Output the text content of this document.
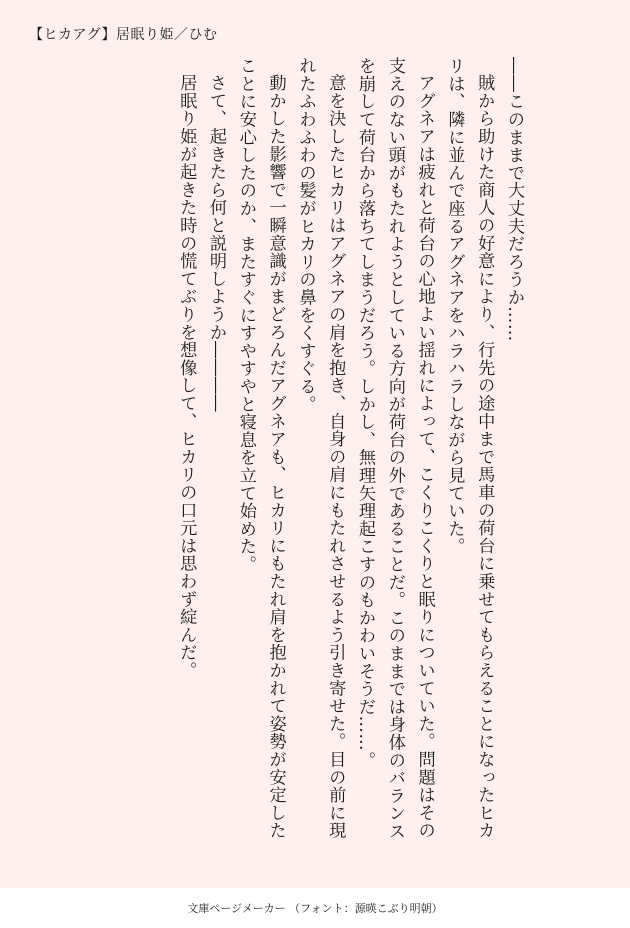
【ヒカアグ】居眠り姫／ひむ

――このままで大丈夫だろうか……

賊から助けた商人の好意により、行先の途中まで馬車の荷台に乗せてもらえることになったヒカリは、隣に並んで座るアグネアをハラハラしながら見ていた。

アグネアは疲れと荷台の心地よい揺れによって、こくりこくりと眠りについていた。問題はその支えのない頭がもたれようとしている方向が荷台の外であることだ。このままでは身体のバランスを崩して荷台から落ちてしまうだろう。しかし、無理矢理起こすのもかわいそうだ……。

意を決したヒカリはアグネアの肩を抱き、自身の肩にもたれさせるよう引き寄せた。目の前に現れたふわふわの髪がヒカリの鼻をくすぐる。

動かした影響で一瞬意識がまどろんだアグネアも、ヒカリにもたれ肩を抱かれて姿勢が安定したことに安心したのか、またすぐにすやすやと寝息を立て始めた。

さて、起きたら何と説明しようか――――

居眠り姫が起きた時の慌てぶりを想像して、ヒカリの口元は思わず綻んだ。

文庫ページメーカー （フォント：源暎こぶり明朝）
